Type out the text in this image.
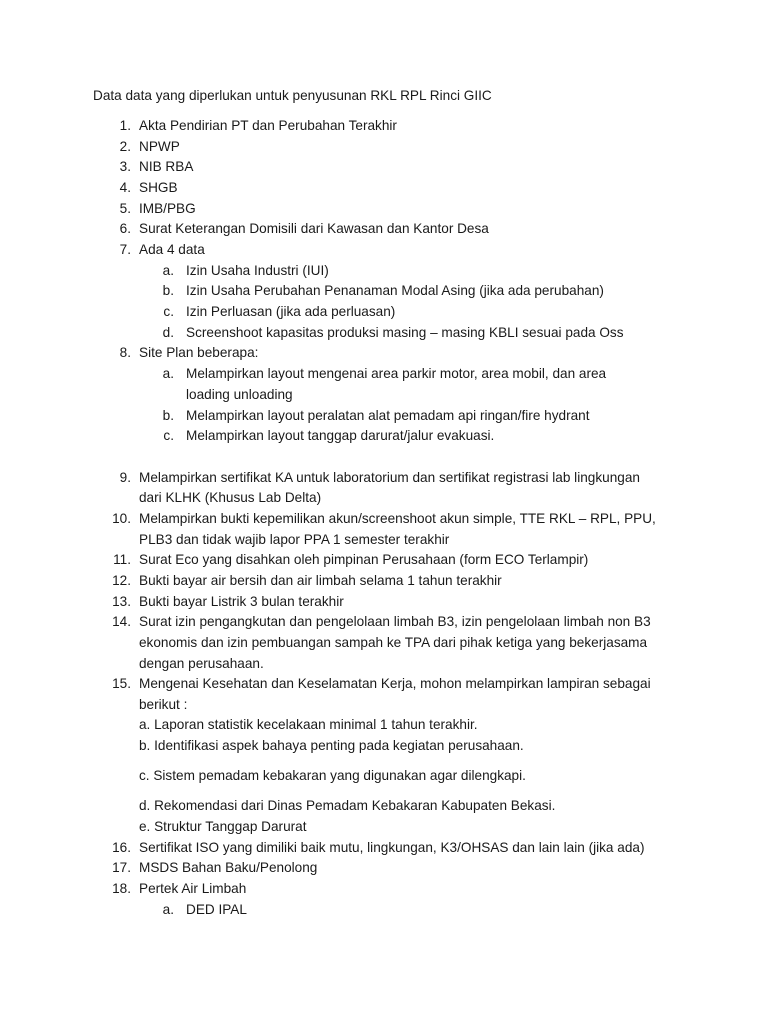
Data data yang diperlukan untuk penyusunan RKL RPL Rinci GIIC
1. Akta Pendirian PT dan Perubahan Terakhir
2. NPWP
3. NIB RBA
4. SHGB
5. IMB/PBG
6. Surat Keterangan Domisili dari Kawasan dan Kantor Desa
7. Ada 4 data
a. Izin Usaha Industri (IUI)
b. Izin Usaha Perubahan Penanaman Modal Asing (jika ada perubahan)
c. Izin Perluasan (jika ada perluasan)
d. Screenshoot kapasitas produksi masing – masing KBLI sesuai pada Oss
8. Site Plan beberapa:
a. Melampirkan layout mengenai area parkir motor, area mobil, dan area
loading unloading
b. Melampirkan layout peralatan alat pemadam api ringan/fire hydrant
c. Melampirkan layout tanggap darurat/jalur evakuasi.
9. Melampirkan sertifikat KA untuk laboratorium dan sertifikat registrasi lab lingkungan
dari KLHK (Khusus Lab Delta)
10. Melampirkan bukti kepemilikan akun/screenshoot akun simple, TTE RKL – RPL, PPU,
PLB3 dan tidak wajib lapor PPA 1 semester terakhir
11. Surat Eco yang disahkan oleh pimpinan Perusahaan (form ECO Terlampir)
12. Bukti bayar air bersih dan air limbah selama 1 tahun terakhir
13. Bukti bayar Listrik 3 bulan terakhir
14. Surat izin pengangkutan dan pengelolaan limbah B3, izin pengelolaan limbah non B3
ekonomis dan izin pembuangan sampah ke TPA dari pihak ketiga yang bekerjasama
dengan perusahaan.
15. Mengenai Kesehatan dan Keselamatan Kerja, mohon melampirkan lampiran sebagai
berikut :
a. Laporan statistik kecelakaan minimal 1 tahun terakhir.
b. Identifikasi aspek bahaya penting pada kegiatan perusahaan.
c. Sistem pemadam kebakaran yang digunakan agar dilengkapi.
d. Rekomendasi dari Dinas Pemadam Kebakaran Kabupaten Bekasi.
e. Struktur Tanggap Darurat
16. Sertifikat ISO yang dimiliki baik mutu, lingkungan, K3/OHSAS dan lain lain (jika ada)
17. MSDS Bahan Baku/Penolong
18. Pertek Air Limbah
a. DED IPAL
